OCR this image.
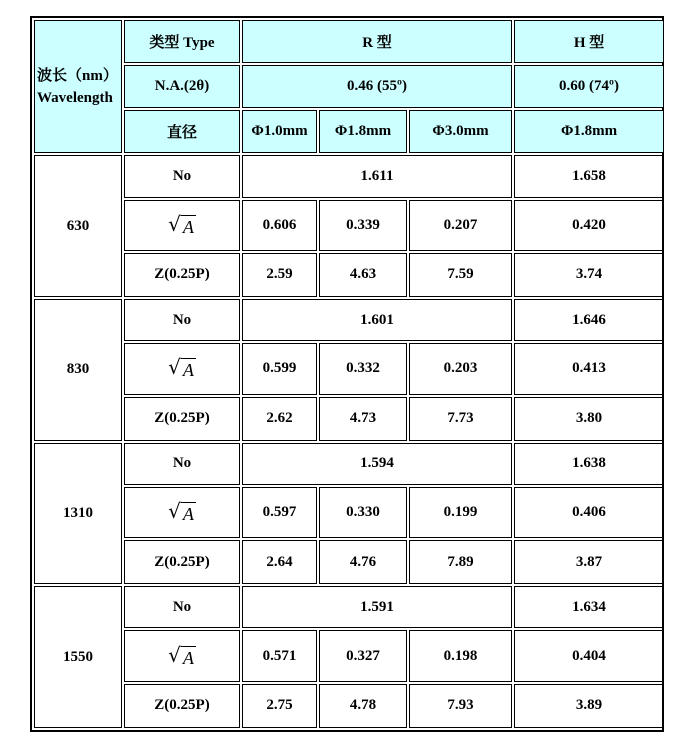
波长（nm）
Wavelength	类型 Type	R 型			H 型
	N.A.(2θ)	0.46 (55º)			0.60 (74º)
	直径	Φ1.0mm	Φ1.8mm	Φ3.0mm	Φ1.8mm
630	No	1.611			1.658

	√ A	0.606	0.339	0.207	0.420
	Z(0.25P)	2.59	4.63	7.59	3.74
830	No	1.601			1.646

	√ A	0.599	0.332	0.203	0.413
	Z(0.25P)	2.62	4.73	7.73	3.80
1310	No	1.594			1.638

	√ A	0.597	0.330	0.199	0.406
	Z(0.25P)	2.64	4.76	7.89	3.87
1550	No	1.591			1.634

	√ A	0.571	0.327	0.198	0.404
	Z(0.25P)	2.75	4.78	7.93	3.89
